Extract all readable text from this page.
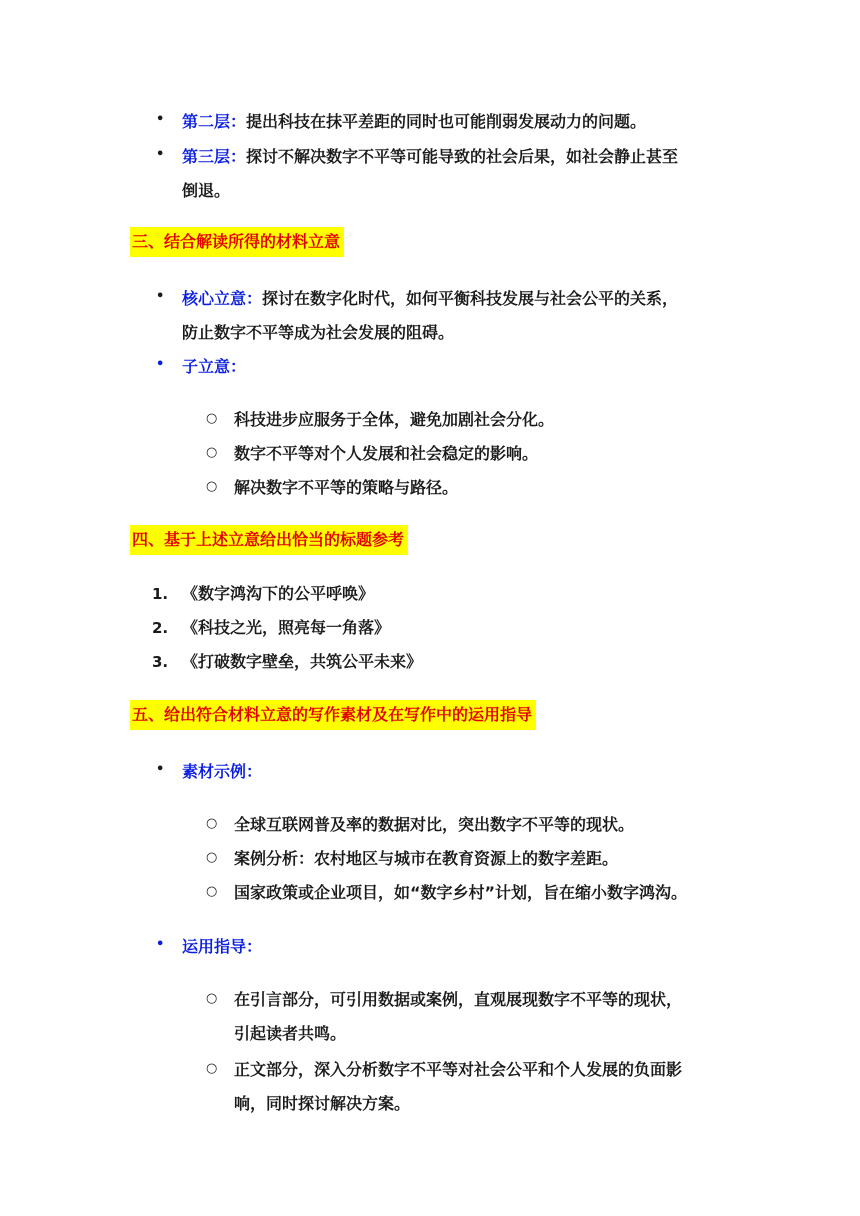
• 第二层：提出科技在抹平差距的同时也可能削弱发展动力的问题。
• 第三层：探讨不解决数字不平等可能导致的社会后果，如社会静止甚至
倒退。
三、结合解读所得的材料立意
• 核心立意：探讨在数字化时代，如何平衡科技发展与社会公平的关系，
防止数字不平等成为社会发展的阻碍。
• 子立意：
○ 科技进步应服务于全体，避免加剧社会分化。
○ 数字不平等对个人发展和社会稳定的影响。
○ 解决数字不平等的策略与路径。
四、基于上述立意给出恰当的标题参考
1. 《数字鸿沟下的公平呼唤》
2. 《科技之光，照亮每一角落》
3. 《打破数字壁垒，共筑公平未来》
五、给出符合材料立意的写作素材及在写作中的运用指导
• 素材示例：
○ 全球互联网普及率的数据对比，突出数字不平等的现状。
○ 案例分析：农村地区与城市在教育资源上的数字差距。
○ 国家政策或企业项目，如“数字乡村”计划，旨在缩小数字鸿沟。
• 运用指导：
○ 在引言部分，可引用数据或案例，直观展现数字不平等的现状，
引起读者共鸣。
○ 正文部分，深入分析数字不平等对社会公平和个人发展的负面影
响，同时探讨解决方案。
